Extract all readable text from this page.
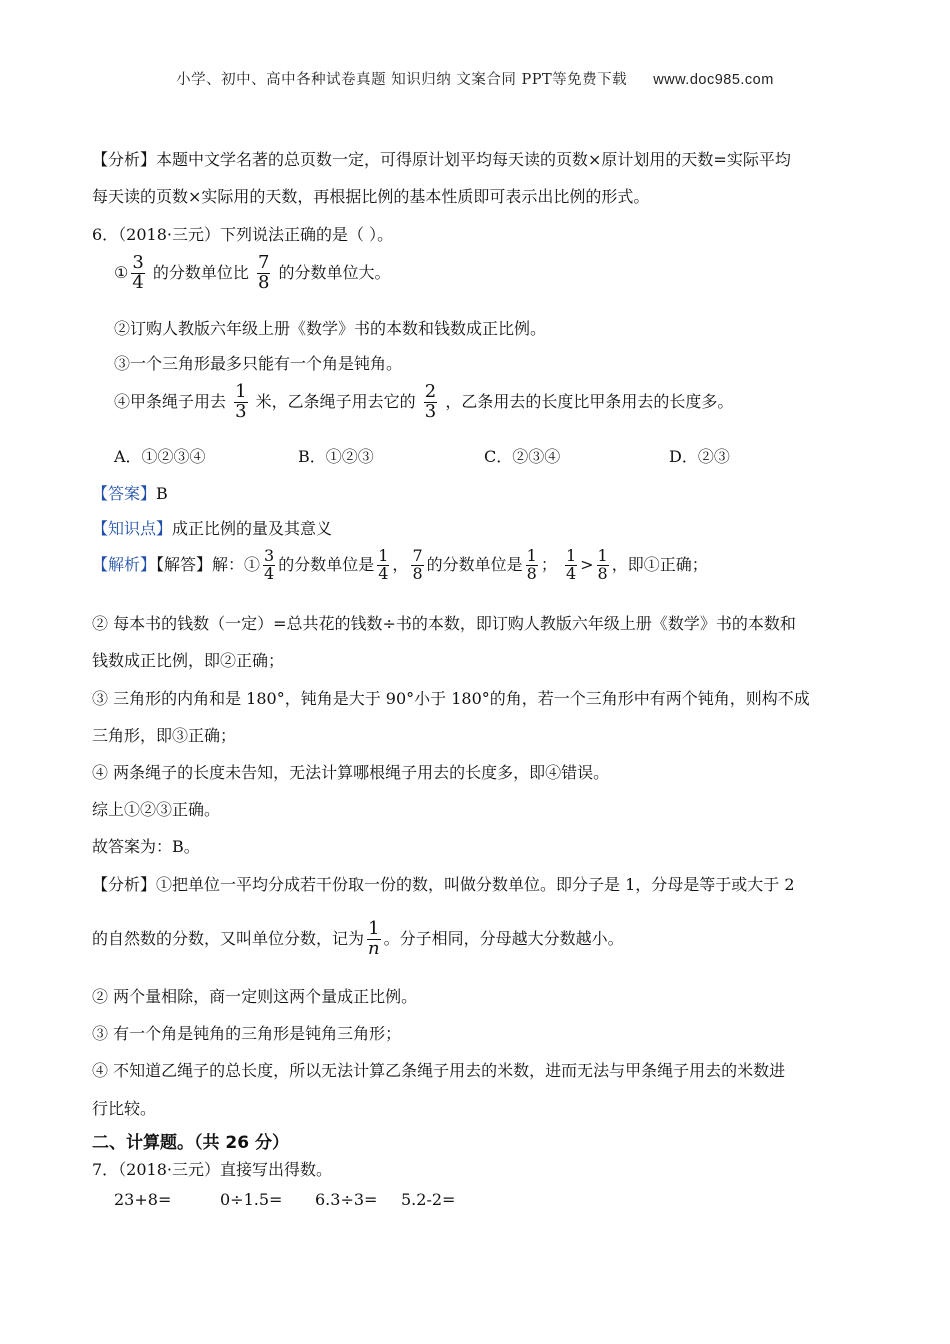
小学、初中、高中各种试卷真题 知识归纳 文案合同 PPT等免费下载 www.doc985.com
【分析】本题中文学名著的总页数一定，可得原计划平均每天读的页数×原计划用的天数=实际平均
每天读的页数×实际用的天数，再根据比例的基本性质即可表示出比例的形式。
6．（2018·三元）下列说法正确的是（ ）。
① $\frac{3}{4}$ 的分数单位比 $\frac{7}{8}$ 的分数单位大。
②订购人教版六年级上册《数学》书的本数和钱数成正比例。
③一个三角形最多只能有一个角是钝角。
④甲条绳子用去 $\frac{1}{3}$ 米，乙条绳子用去它的 $\frac{2}{3}$ ，乙条用去的长度比甲条用去的长度多。
A．①②③④	B．①②③	C．②③④	D．②③
【答案】B
【知识点】成正比例的量及其意义
【解析】【解答】解：① $\frac{3}{4}$ 的分数单位是 $\frac{1}{4}$ ， $\frac{7}{8}$ 的分数单位是 $\frac{1}{8}$ ； $\frac{1}{4} > \frac{1}{8}$ ，即①正确；
② 每本书的钱数（一定）=总共花的钱数÷书的本数，即订购人教版六年级上册《数学》书的本数和
钱数成正比例，即②正确；
③ 三角形的内角和是 180°，钝角是大于 90°小于 180°的角，若一个三角形中有两个钝角，则构不成
三角形，即③正确；
④ 两条绳子的长度未告知，无法计算哪根绳子用去的长度多，即④错误。
综上①②③正确。
故答案为：B。
【分析】①把单位一平均分成若干份取一份的数，叫做分数单位。即分子是 1，分母是等于或大于 2
的自然数的分数，又叫单位分数，记为 $\frac{1}{n}$ 。分子相同，分母越大分数越小。
② 两个量相除，商一定则这两个量成正比例。
③ 有一个角是钝角的三角形是钝角三角形；
④ 不知道乙绳子的总长度，所以无法计算乙条绳子用去的米数，进而无法与甲条绳子用去的米数进
行比较。
二、计算题。（共 26 分）
7．（2018·三元）直接写出得数。
23+8=	0÷1.5= 6.3÷3= 5.2-2=
